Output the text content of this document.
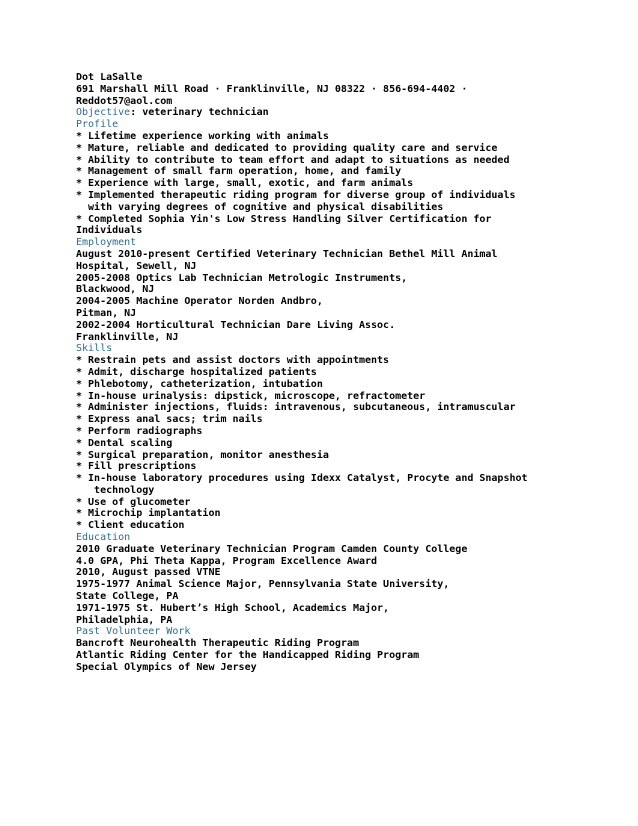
Dot LaSalle
691 Marshall Mill Road · Franklinville, NJ 08322 · 856-694-4402 ·
Reddot57@aol.com
Objective: veterinary technician
Profile
* Lifetime experience working with animals
* Mature, reliable and dedicated to providing quality care and service
* Ability to contribute to team effort and adapt to situations as needed
* Management of small farm operation, home, and family
* Experience with large, small, exotic, and farm animals
* Implemented therapeutic riding program for diverse group of individuals
with varying degrees of cognitive and physical disabilities
* Completed Sophia Yin's Low Stress Handling Silver Certification for
Individuals
Employment
August 2010-present Certified Veterinary Technician Bethel Mill Animal
Hospital, Sewell, NJ
2005-2008 Optics Lab Technician Metrologic Instruments,
Blackwood, NJ
2004-2005 Machine Operator Norden Andbro,
Pitman, NJ
2002-2004 Horticultural Technician Dare Living Assoc.
Franklinville, NJ
Skills
* Restrain pets and assist doctors with appointments
* Admit, discharge hospitalized patients
* Phlebotomy, catheterization, intubation
* In-house urinalysis: dipstick, microscope, refractometer
* Administer injections, fluids: intravenous, subcutaneous, intramuscular
* Express anal sacs; trim nails
* Perform radiographs
* Dental scaling
* Surgical preparation, monitor anesthesia
* Fill prescriptions
* In-house laboratory procedures using Idexx Catalyst, Procyte and Snapshot
technology
* Use of glucometer
* Microchip implantation
* Client education
Education
2010 Graduate Veterinary Technician Program Camden County College
4.0 GPA, Phi Theta Kappa, Program Excellence Award
2010, August passed VTNE
1975-1977 Animal Science Major, Pennsylvania State University,
State College, PA
1971-1975 St. Hubert’s High School, Academics Major,
Philadelphia, PA
Past Volunteer Work
Bancroft Neurohealth Therapeutic Riding Program
Atlantic Riding Center for the Handicapped Riding Program
Special Olympics of New Jersey
